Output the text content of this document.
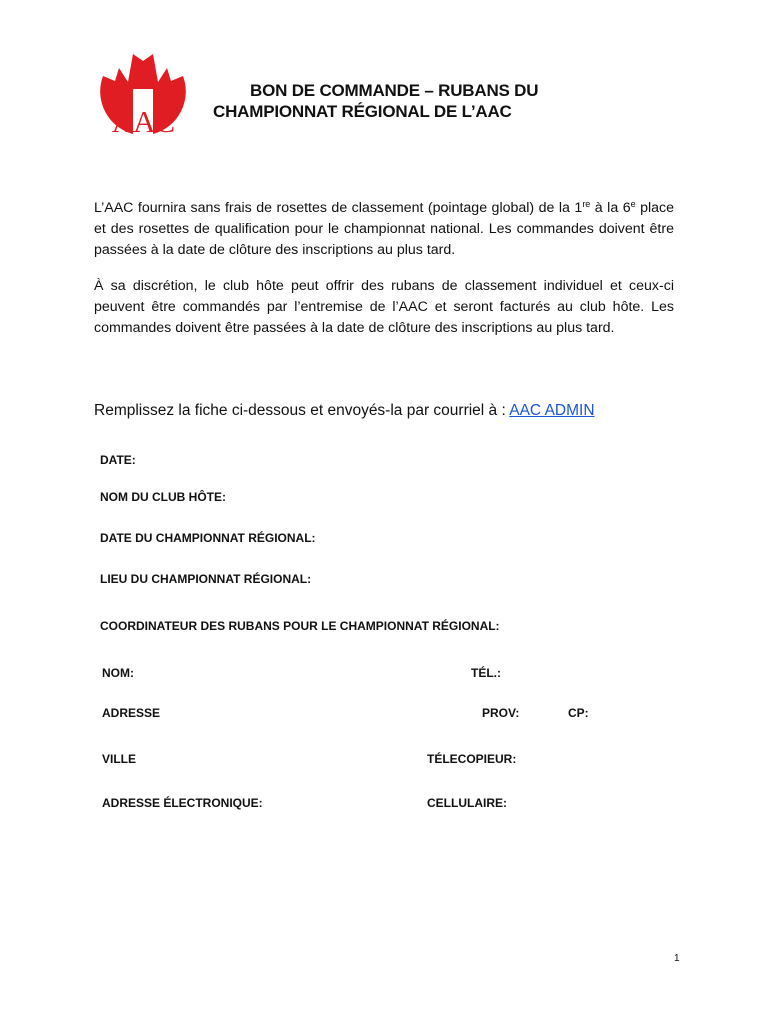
AAC
BON DE COMMANDE – RUBANS DU
CHAMPIONNAT RÉGIONAL DE L’AAC

L’AAC fournira sans frais de rosettes de classement (pointage global) de la 1re à la 6e place et des rosettes de qualification pour le championnat national. Les commandes doivent être passées à la date de clôture des inscriptions au plus tard.

À sa discrétion, le club hôte peut offrir des rubans de classement individuel et ceux-ci peuvent être commandés par l’entremise de l’AAC et seront facturés au club hôte. Les commandes doivent être passées à la date de clôture des inscriptions au plus tard.

Remplissez la fiche ci-dessous et envoyés-la par courriel à : AAC ADMIN

DATE:

NOM DU CLUB HÔTE:

DATE DU CHAMPIONNAT RÉGIONAL:

LIEU DU CHAMPIONNAT RÉGIONAL:

COORDINATEUR DES RUBANS POUR LE CHAMPIONNAT RÉGIONAL:

NOM:	TÉL.:

ADRESSE	PROV:	CP:

VILLE	TÉLECOPIEUR:

ADRESSE ÉLECTRONIQUE:	CELLULAIRE:

1
